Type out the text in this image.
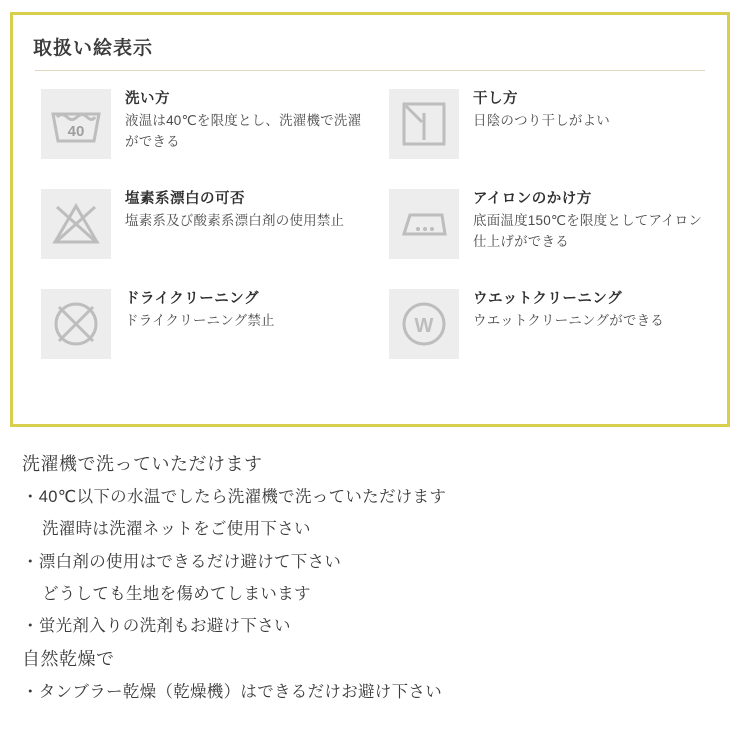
取扱い絵表示
40
洗い方
液温は40℃を限度とし、洗濯機で洗濯ができる
干し方
日陰のつり干しがよい
塩素系漂白の可否
塩素系及び酸素系漂白剤の使用禁止
アイロンのかけ方
底面温度150℃を限度としてアイロン仕上げができる
ドライクリーニング
ドライクリーニング禁止	W
ウエットクリーニング
ウエットクリーニングができる
洗濯機で洗っていただけます
・40℃以下の水温でしたら洗濯機で洗っていただけます
洗濯時は洗濯ネットをご使用下さい
・漂白剤の使用はできるだけ避けて下さい
どうしても生地を傷めてしまいます
・蛍光剤入りの洗剤もお避け下さい
自然乾燥で
・タンブラー乾燥（乾燥機）はできるだけお避け下さい
